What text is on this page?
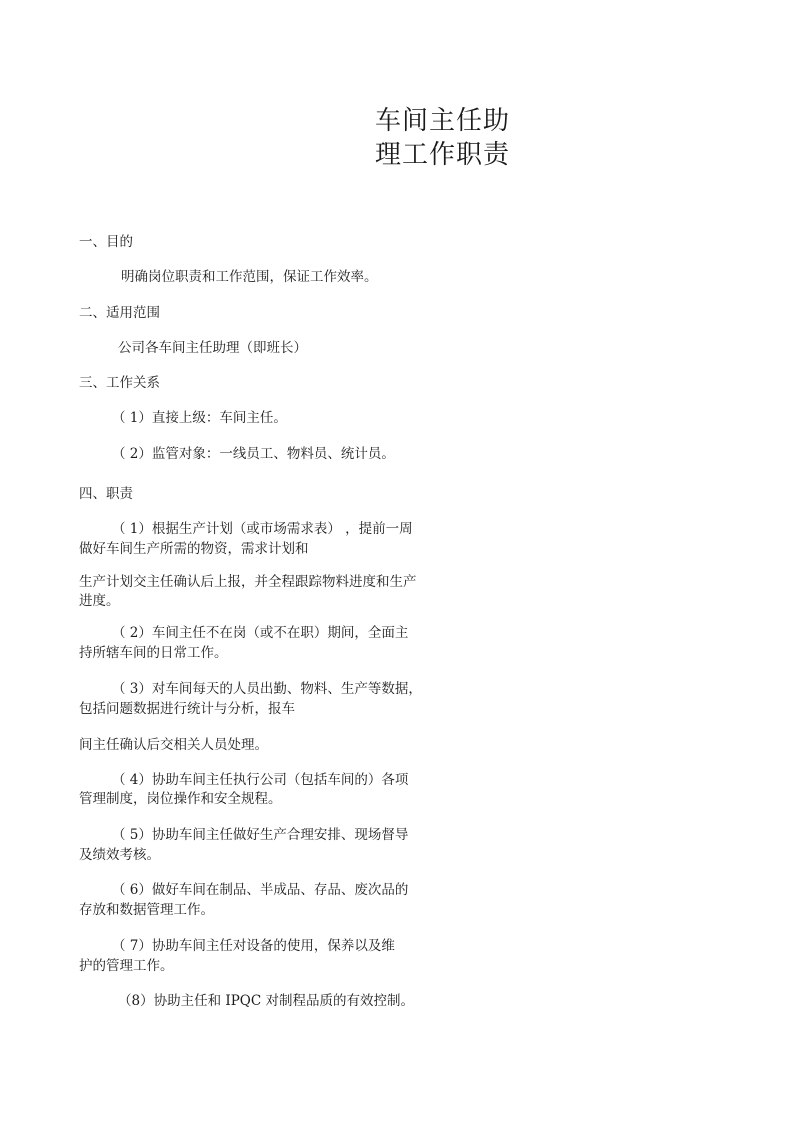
车间主任助
理工作职责

一、目的

明确岗位职责和工作范围，保证工作效率。

二、适用范围

公司各车间主任助理（即班长）

三、工作关系

（ 1）直接上级：车间主任。

（ 2）监管对象：一线员工、物料员、统计员。

四、职责

（ 1）根据生产计划（或市场需求表） ，提前一周

做好车间生产所需的物资，需求计划和

生产计划交主任确认后上报，并全程跟踪物料进度和生产

进度。

（ 2）车间主任不在岗（或不在职）期间，全面主

持所辖车间的日常工作。

（ 3）对车间每天的人员出勤、物料、生产等数据，

包括问题数据进行统计与分析，报车

间主任确认后交相关人员处理。

（ 4）协助车间主任执行公司（包括车间的）各项

管理制度，岗位操作和安全规程。

（ 5）协助车间主任做好生产合理安排、现场督导

及绩效考核。

（ 6）做好车间在制品、半成品、存品、废次品的

存放和数据管理工作。

（ 7）协助车间主任对设备的使用，保养以及维

护的管理工作。

（8）协助主任和 IPQC 对制程品质的有效控制。
